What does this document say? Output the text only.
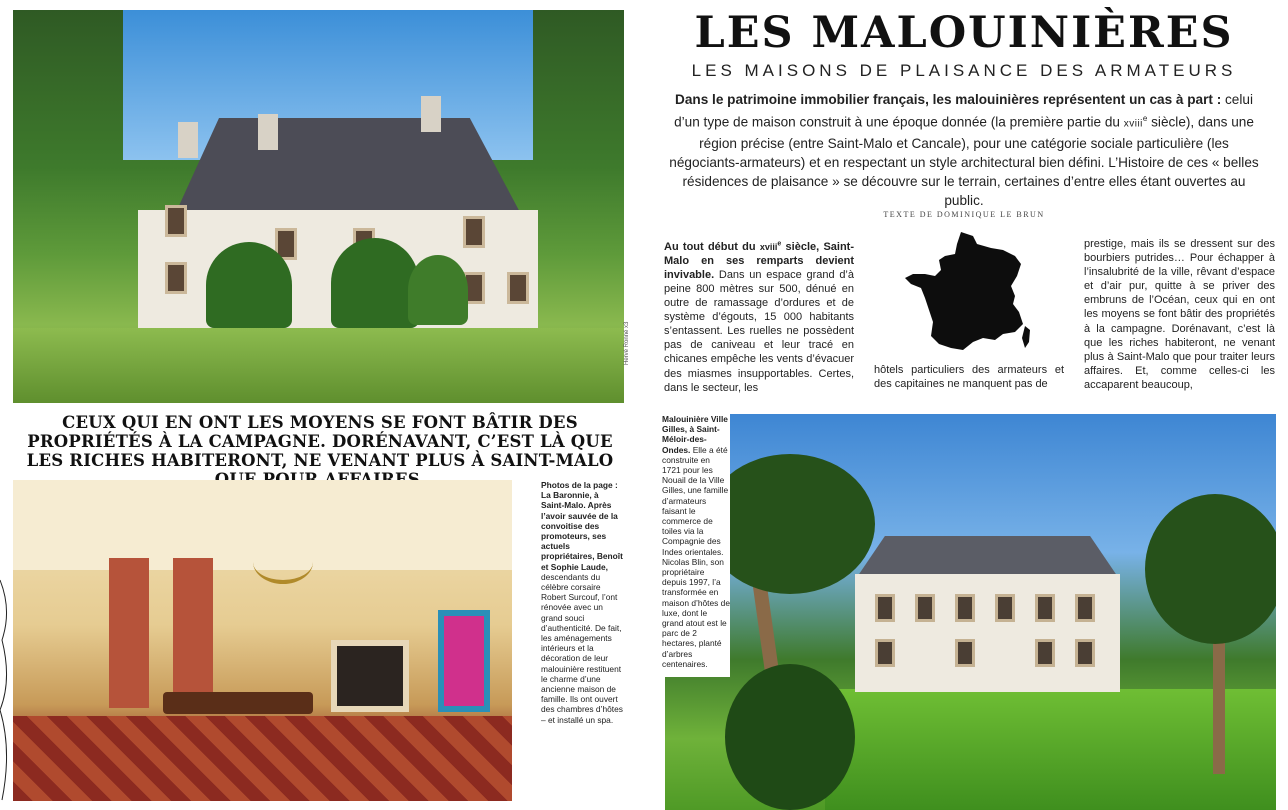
Hervé Ronné x3
LES MALOUINIÈRES
LES MAISONS DE PLAISANCE DES ARMATEURS
Dans le patrimoine immobilier français, les malouinières représentent un cas à part : celui d’un type de maison construit à une époque donnée (la première partie du xviii$^e$ siècle), dans une région précise (entre Saint-Malo et Cancale), pour une catégorie sociale particulière (les négociants-armateurs) et en respectant un style architectural bien défini. L’Histoire de ces « belles résidences de plaisance » se découvre sur le terrain, certaines d’entre elles étant ouvertes au public.
TEXTE DE DOMINIQUE LE BRUN
Au tout début du xviii$^e$ siècle, Saint-Malo en ses remparts devient invivable. Dans un espace grand d’à peine 800 mètres sur 500, dénué en outre de ramassage d’ordures et de système d’égouts, 15 000 habitants s’entassent. Les ruelles ne possèdent pas de caniveau et leur tracé en chicanes empêche les vents d’évacuer des miasmes insupportables. Certes, dans le secteur, les
hôtels particuliers des armateurs et des capitaines ne manquent pas de
prestige, mais ils se dressent sur des bourbiers putrides… Pour échapper à l’insalubrité de la ville, rêvant d’espace et d’air pur, quitte à se priver des embruns de l’Océan, ceux qui en ont les moyens se font bâtir des propriétés à la campagne. Dorénavant, c’est là que les riches habiteront, ne venant plus à Saint-Malo que pour traiter leurs affaires. Et, comme celles-ci les accaparent beaucoup,
CEUX QUI EN ONT LES MOYENS SE FONT BÂTIR DES PROPRIÉTÉS À LA CAMPAGNE. DORÉNAVANT, C’EST LÀ QUE LES RICHES HABITERONT, NE VENANT PLUS À SAINT-MALO
Photos de la page : La Baronnie, à Saint-Malo. Après l’avoir sauvée de la convoitise des promoteurs, ses actuels propriétaires, Benoît et Sophie Laude, descendants du célèbre corsaire Robert Surcouf, l’ont rénovée avec un grand souci d’authenticité. De fait, les aménagements intérieurs et la décoration de leur malouinière restituent le charme d’une ancienne maison de famille. Ils ont ouvert des chambres d’hôtes – et installé un spa.
Malouinière Ville Gilles, à Saint-Méloir-des-Ondes. Elle a été construite en 1721 pour les Nouail de la Ville Gilles, une famille d’armateurs faisant le commerce de toiles via la Compagnie des Indes orientales. Nicolas Blin, son propriétaire depuis 1997, l’a transformée en maison d’hôtes de luxe, dont le grand atout est le parc de 2 hectares, planté d’arbres centenaires.
